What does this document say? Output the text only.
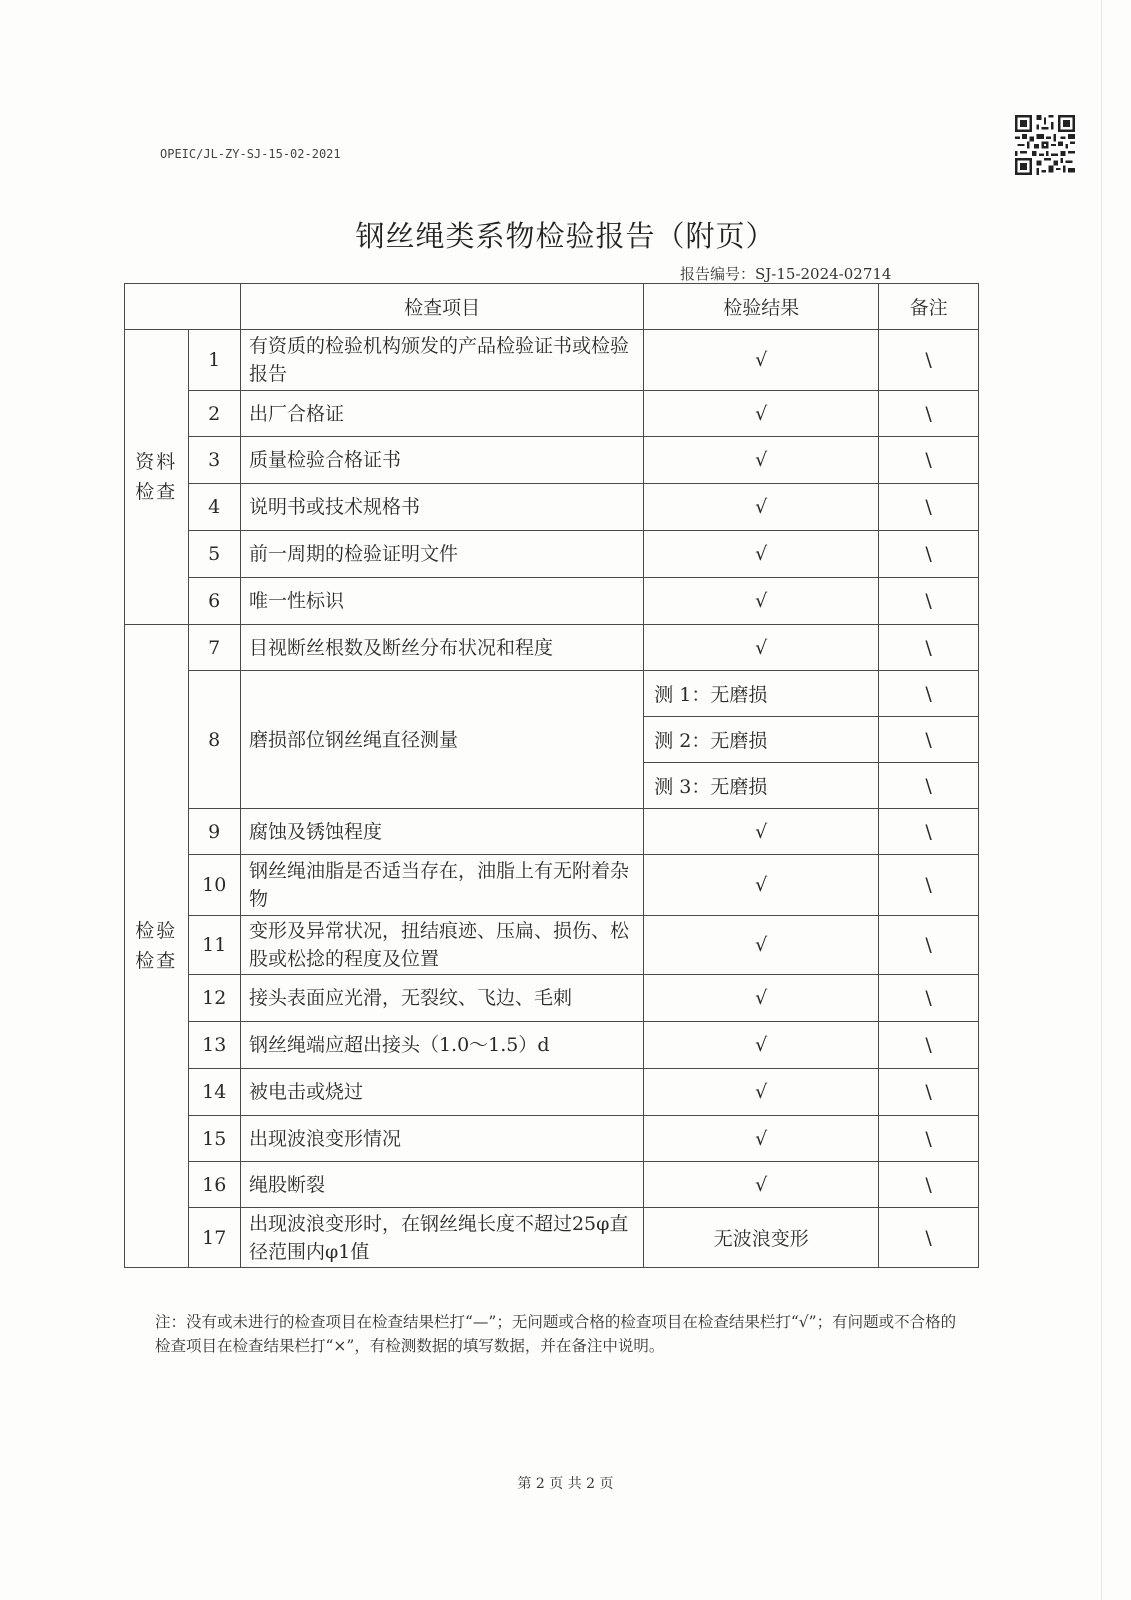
OPEIC/JL-ZY-SJ-15-02-2021
钢丝绳类系物检验报告（附页）
报告编号：SJ-15-2024-02714
		检查项目	检验结果	备注
资料检查	1	有资质的检验机构颁发的产品检验证书或检验报告	√	\
	2	出厂合格证	√	\
	3	质量检验合格证书	√	\
	4	说明书或技术规格书	√	\
	5	前一周期的检验证明文件	√	\
	6	唯一性标识	√	\
检验检查	7	目视断丝根数及断丝分布状况和程度	√	\
	8	磨损部位钢丝绳直径测量	测 1：无磨损	\
			测 2：无磨损	\
			测 3：无磨损	\
	9	腐蚀及锈蚀程度	√	\
	10	钢丝绳油脂是否适当存在，油脂上有无附着杂物	√	\
	11	变形及异常状况，扭结痕迹、压扁、损伤、松股或松捻的程度及位置	√	\
	12	接头表面应光滑，无裂纹、飞边、毛刺	√	\
	13	钢丝绳端应超出接头（1.0～1.5）d	√	\
	14	被电击或烧过	√	\
	15	出现波浪变形情况	√	\
	16	绳股断裂	√	\
	17	出现波浪变形时，在钢丝绳长度不超过25φ直径范围内φ1值	无波浪变形	\
注：没有或未进行的检查项目在检查结果栏打“—”；无问题或合格的检查项目在检查结果栏打“√”；有问题或不合格的检查项目在检查结果栏打“×”，有检测数据的填写数据，并在备注中说明。
第 2 页 共 2 页
